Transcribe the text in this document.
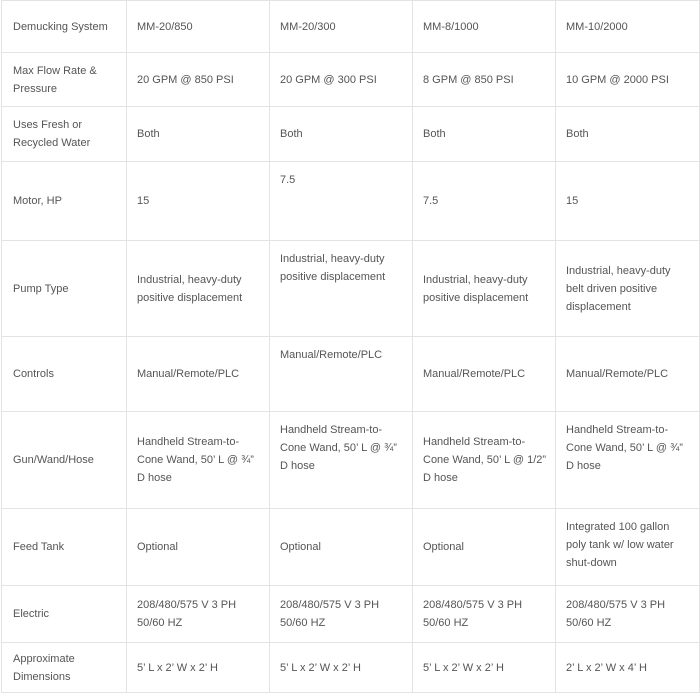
Demucking System	MM-20/850	MM-20/300	MM-8/1000	MM-10/2000
Max Flow Rate & Pressure	20 GPM @ 850 PSI	20 GPM @ 300 PSI	8 GPM @ 850 PSI	10 GPM @ 2000 PSI
Uses Fresh or Recycled Water	Both	Both	Both	Both
Motor, HP	15	7.5	7.5	15
Pump Type	Industrial, heavy-duty positive displacement	Industrial, heavy-duty positive displacement	Industrial, heavy-duty positive displacement	Industrial, heavy-duty belt driven positive displacement
Controls	Manual/Remote/PLC	Manual/Remote/PLC	Manual/Remote/PLC	Manual/Remote/PLC
Gun/Wand/Hose	Handheld Stream-to-Cone Wand, 50’ L @ ¾” D hose	Handheld Stream-to-Cone Wand, 50’ L @ ¾” D hose	Handheld Stream-to-Cone Wand, 50’ L @ 1/2” D hose	Handheld Stream-to-Cone Wand, 50’ L @ ¾” D hose
Feed Tank	Optional	Optional	Optional	Integrated 100 gallon poly tank w/ low water shut-down
Electric	208/480/575 V 3 PH 50/60 HZ	208/480/575 V 3 PH 50/60 HZ	208/480/575 V 3 PH 50/60 HZ	208/480/575 V 3 PH 50/60 HZ
Approximate Dimensions	5’ L x 2’ W x 2’ H	5’ L x 2’ W x 2’ H	5’ L x 2’ W x 2’ H	2’ L x 2’ W x 4’ H
